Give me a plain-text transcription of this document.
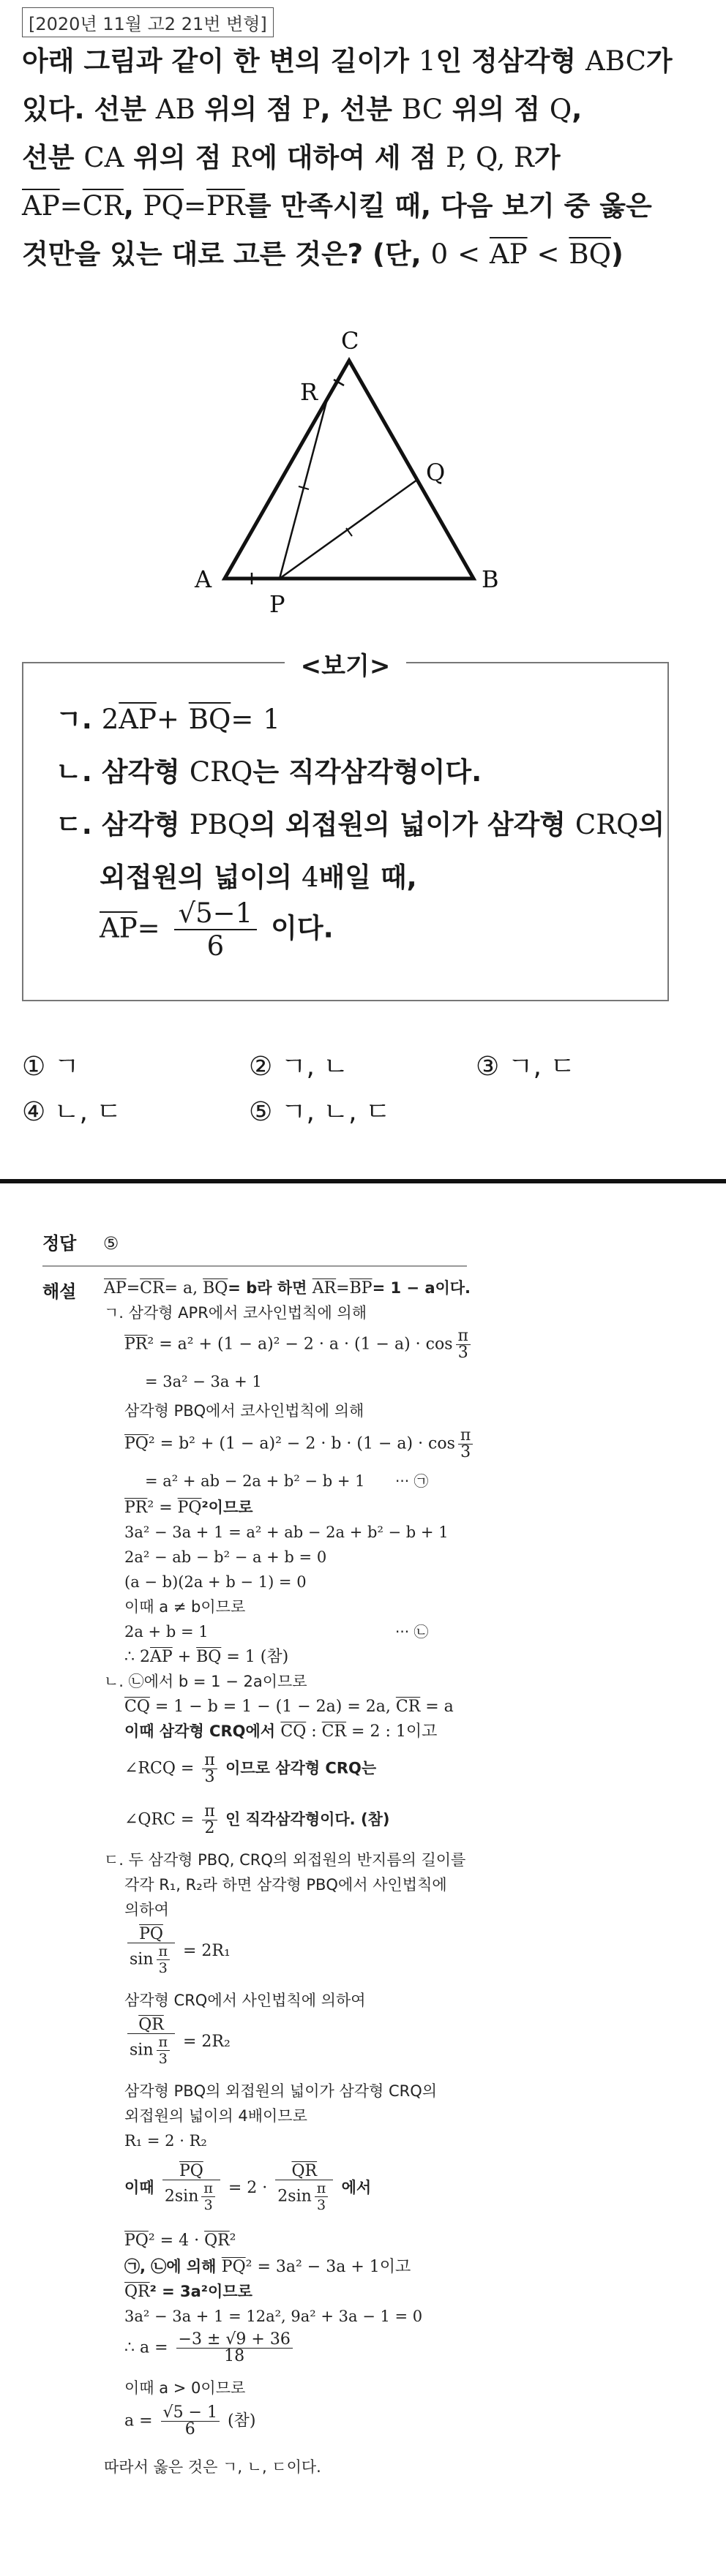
[2020년 11월 고2 21번 변형]
아래 그림과 같이 한 변의 길이가 1인 정삼각형 ABC가
있다. 선분 AB 위의 점 P, 선분 BC 위의 점 Q,
선분 CA 위의 점 R에 대하여 세 점 P, Q, R가
$\overline{AP}=\overline{CR}$, $\overline{PQ}=\overline{PR}$를 만족시킬 때, 다음 보기 중 옳은
것만을 있는 대로 고른 것은? (단, $0 < \overline{AP} < \overline{BQ}$)
A	B
C
P
Q
R
<보기>
ㄱ. $2\overline{AP}+ \overline{BQ}= 1$
ㄴ. 삼각형 CRQ는 직각삼각형이다.
ㄷ. 삼각형 PBQ의 외접원의 넓이가 삼각형 CRQ의
외접원의 넓이의 4배일 때,
$\overline{AP}= \frac{√5-1}{6}$ 이다.
① ㄱ	② ㄱ, ㄴ	③ ㄱ, ㄷ
④ ㄴ, ㄷ	⑤ ㄱ, ㄴ, ㄷ
정답 ⑤
해설 $\overline{AP}=\overline{CR}= a$, $\overline{BQ}= b$라 하면 $\overline{AR}=\overline{BP}= 1 - a$이다.
ㄱ. 삼각형 APR에서 코사인법칙에 의해
$\overline{PR}^2 = a^2 + (1 - a)^2 - 2 \cdot a \cdot (1 - a) \cdot \cos \frac{\pi}{3}$
= 3a² − 3a + 1
삼각형 PBQ에서 코사인법칙에 의해
$\overline{PQ}^2 = b^2 + (1 - a)^2 - 2 \cdot b \cdot (1 - a) \cdot \cos \frac{\pi}{3}$
= a² + ab − 2a + b² − b + 1 ··· ㉠
$\overline{PR}^2 = \overline{PQ}^2$이므로
3a² − 3a + 1 = a² + ab − 2a + b² − b + 1
2a² − ab − b² − a + b = 0
(a − b)(2a + b − 1) = 0
이때 a ≠ b이므로
2a + b = 1	··· ㉡
∴ $2\overline{AP} + \overline{BQ} = 1$ (참)
ㄴ. ㉡에서 b = 1 − 2a이므로
$\overline{CQ} = 1 - b = 1 - (1 - 2a) = 2a$, $\overline{CR} = a$
이때 삼각형 CRQ에서 $\overline{CQ}$ : $\overline{CR} = 2$ : 1이고
∠RCQ = $\frac{\pi}{3}$ 이므로 삼각형 CRQ는
∠QRC = $\frac{\pi}{2}$ 인 직각삼각형이다. (참)
ㄷ. 두 삼각형 PBQ, CRQ의 외접원의 반지름의 길이를
각각 R₁, R₂라 하면 삼각형 PBQ에서 사인법칙에
의하여
$\frac{\overline{PQ}}{\sin \frac{\pi}{3}} = 2R_1$
삼각형 CRQ에서 사인법칙에 의하여
$\frac{\overline{QR}}{\sin \frac{\pi}{3}} = 2R_2$
삼각형 PBQ의 외접원의 넓이가 삼각형 CRQ의
외접원의 넓이의 4배이므로
R₁ = 2 · R₂
이때 $\frac{\overline{PQ}}{2\sin \frac{\pi}{3}} = 2 \cdot \frac{\overline{QR}}{2\sin \frac{\pi}{3}}$ 에서
$\overline{PQ}^2 = 4 \cdot \overline{QR}^2$
㉠, ㉡에 의해 $\overline{PQ}^2 = 3a^2 - 3a + 1$이고
$\overline{QR}^2 = 3a^2$이므로
3a² − 3a + 1 = 12a², 9a² + 3a − 1 = 0
∴ $a = \frac{-3 \pm √9 + 36}{18}$
이때 a > 0이므로
$a = \frac{√5 - 1}{6}$ (참)
따라서 옳은 것은 ㄱ, ㄴ, ㄷ이다.
